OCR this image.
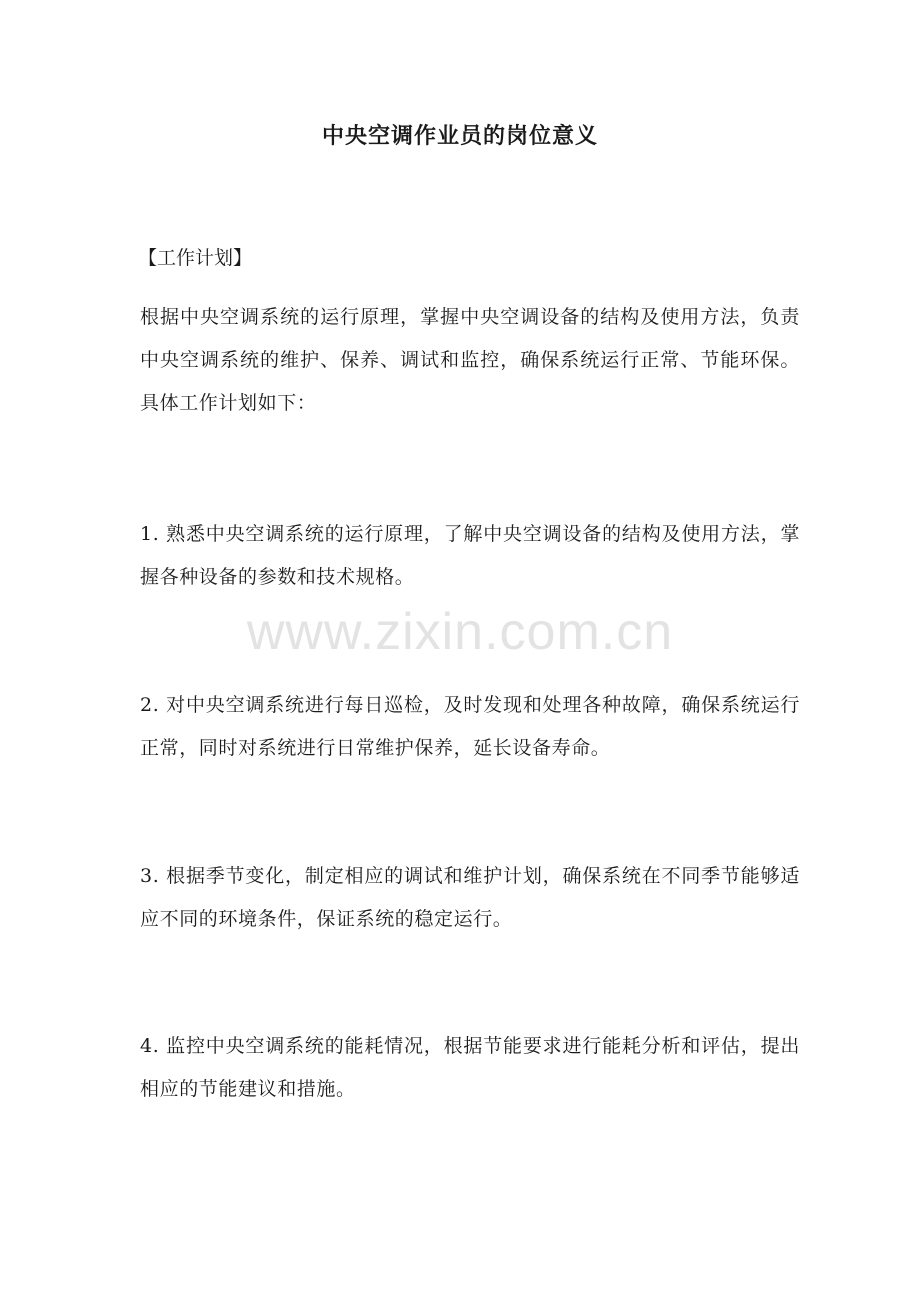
中央空调作业员的岗位意义
【工作计划】
根据中央空调系统的运行原理，掌握中央空调设备的结构及使用方法，负责中央空调系统的维护、保养、调试和监控，确保系统运行正常、节能环保。具体工作计划如下：
1. 熟悉中央空调系统的运行原理，了解中央空调设备的结构及使用方法，掌握各种设备的参数和技术规格。
2. 对中央空调系统进行每日巡检，及时发现和处理各种故障，确保系统运行正常，同时对系统进行日常维护保养，延长设备寿命。
3. 根据季节变化，制定相应的调试和维护计划，确保系统在不同季节能够适应不同的环境条件，保证系统的稳定运行。
4. 监控中央空调系统的能耗情况，根据节能要求进行能耗分析和评估，提出相应的节能建议和措施。
www.zixin.com.cn
